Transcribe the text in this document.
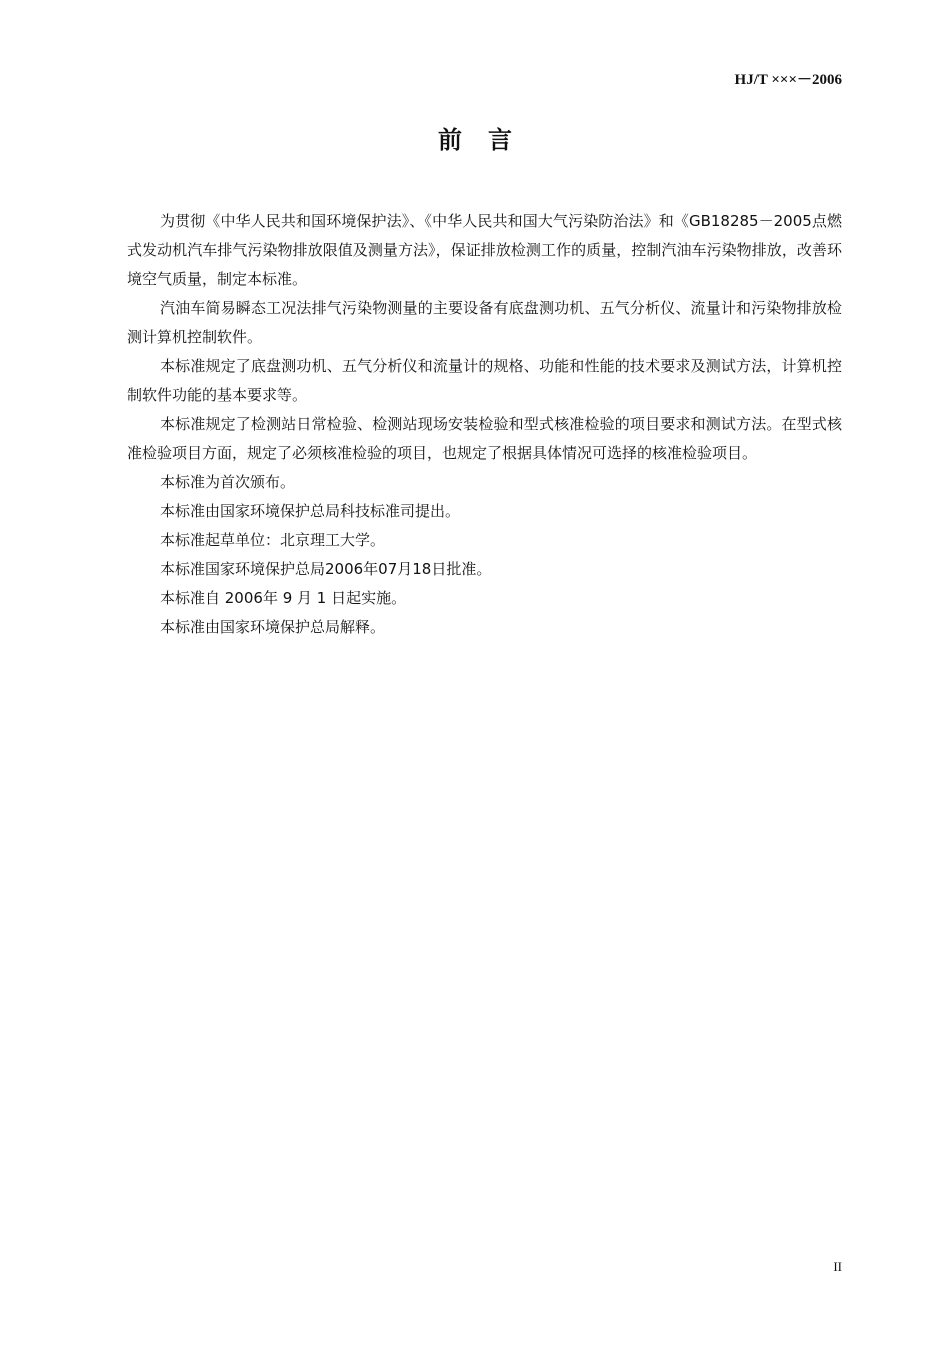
HJ/T ×××－2006
前言

为贯彻《中华人民共和国环境保护法》、《中华人民共和国大气污染防治法》和《GB18285－2005点燃式发动机汽车排气污染物排放限值及测量方法》，保证排放检测工作的质量，控制汽油车污染物排放，改善环境空气质量，制定本标准。

汽油车简易瞬态工况法排气污染物测量的主要设备有底盘测功机、五气分析仪、流量计和污染物排放检测计算机控制软件。

本标准规定了底盘测功机、五气分析仪和流量计的规格、功能和性能的技术要求及测试方法，计算机控制软件功能的基本要求等。

本标准规定了检测站日常检验、检测站现场安装检验和型式核准检验的项目要求和测试方法。在型式核准检验项目方面，规定了必须核准检验的项目，也规定了根据具体情况可选择的核准检验项目。

本标准为首次颁布。

本标准由国家环境保护总局科技标准司提出。

本标准起草单位：北京理工大学。

本标准国家环境保护总局2006年07月18日批准。

本标准自 2006年 9 月 1 日起实施。

本标准由国家环境保护总局解释。

II
